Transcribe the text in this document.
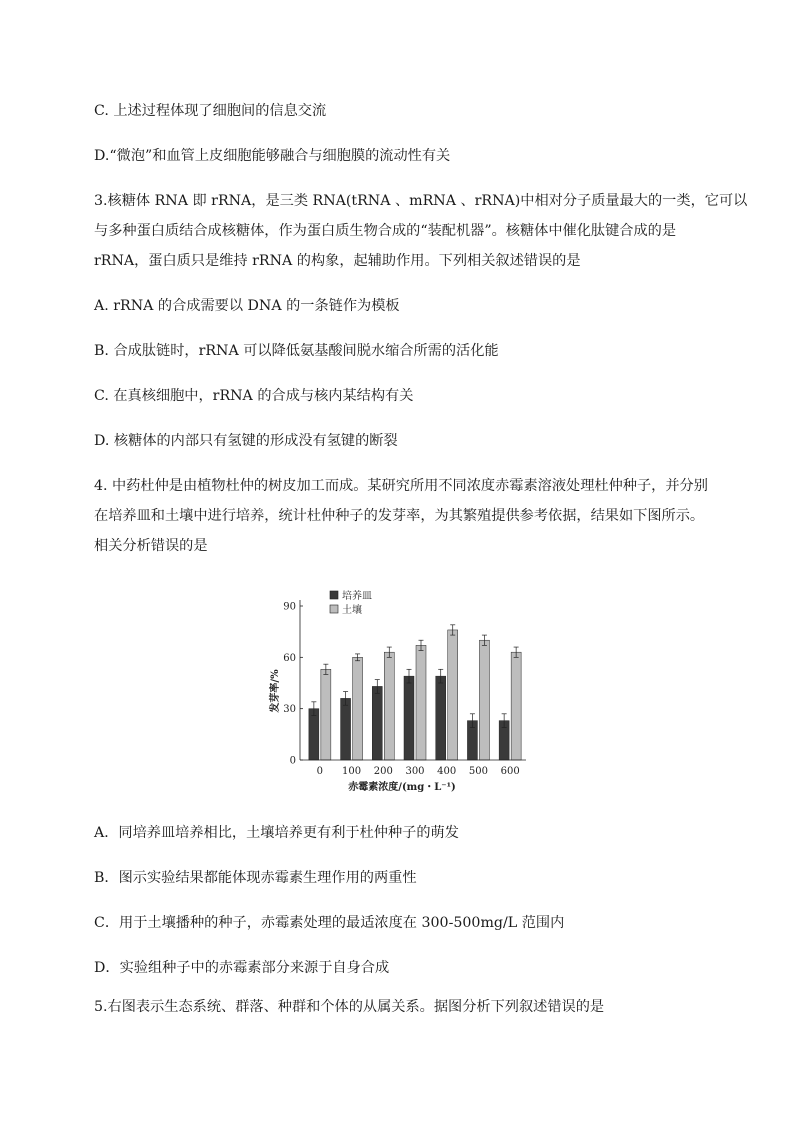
C. 上述过程体现了细胞间的信息交流
D.“微泡”和血管上皮细胞能够融合与细胞膜的流动性有关
3.核糖体 RNA 即 rRNA，是三类 RNA(tRNA 、mRNA 、rRNA)中相对分子质量最大的一类，它可以
与多种蛋白质结合成核糖体，作为蛋白质生物合成的“装配机器”。核糖体中催化肽键合成的是
rRNA，蛋白质只是维持 rRNA 的构象，起辅助作用。下列相关叙述错误的是
A. rRNA 的合成需要以 DNA 的一条链作为模板
B. 合成肽链时，rRNA 可以降低氨基酸间脱水缩合所需的活化能
C. 在真核细胞中，rRNA 的合成与核内某结构有关
D. 核糖体的内部只有氢键的形成没有氢键的断裂
4. 中药杜仲是由植物杜仲的树皮加工而成。某研究所用不同浓度赤霉素溶液处理杜仲种子，并分别
在培养皿和土壤中进行培养，统计杜仲种子的发芽率，为其繁殖提供参考依据，结果如下图所示。
相关分析错误的是
0
30
60
90
0 100 200 300 400 500 600
发芽率/%
赤霉素浓度/(mg・L⁻¹)
培养皿
土壤
A．同培养皿培养相比，土壤培养更有利于杜仲种子的萌发
B．图示实验结果都能体现赤霉素生理作用的两重性
C．用于土壤播种的种子，赤霉素处理的最适浓度在 300-500mg/L 范围内
D．实验组种子中的赤霉素部分来源于自身合成
5.右图表示生态系统、群落、种群和个体的从属关系。据图分析下列叙述错误的是
